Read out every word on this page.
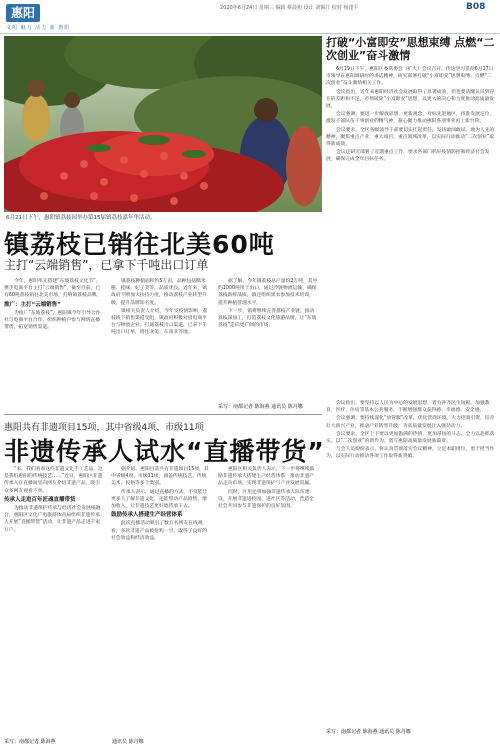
惠阳
文明 魅力 活力 新 惠阳
2020年6月24日 星期三 编辑 蔡晨旭 设计 刘锡江 校对 杨建平	B08
6月21日下午，惠阳镇荔枝园举办第15届镇荔枝嘉年华活动。
打破“小富即安”思想束缚 点燃“二次创业”奋斗激情

6月19日下午，惠阳区委常委会（扩大）会议召开，传达学习贯彻6月17日市领导在惠阳调研时的讲话精神，研究部署打破“小富即安”思想束缚、点燃“二次创业”奋斗激情相关工作。

会议指出，近年来惠阳经济社会发展取得了显著成效，但也要清醒认识到存在的差距和不足，必须破除“小富即安”思想，以更大的决心和力度推动高质量发展。

会议强调，要进一步解放思想、更新观念，对标先进地区，找准发展定位，激发干部队伍干事创业的精气神，凝心聚力推动惠阳各项事业再上新台阶。

会议要求，全区各级领导干部要切实扛起责任，发扬敢闯敢试、敢为人先的精神，聚焦重点产业、重大项目、重点领域改革，以实际行动推动“二次创业”取得新成效。

会议还研究部署了近期重点工作，要求各部门抓好疫情防控和经济社会发展，确保完成全年目标任务。

会议指出，要坚持以人民为中心的发展思想，着力补齐民生短板，加强教育、医疗、住房等基本公共服务，不断增强群众获得感、幸福感、安全感。

会议强调，要持续深化“放管服”改革，优化营商环境，大力招商引资，培育壮大新兴产业，推动产业转型升级，为高质量发展注入强劲动力。

会议要求，全区上下要以更加饱满的热情、更加昂扬的斗志，全力以赴抓落实，以“二次创业”的新作为，谱写惠阳高质量发展新篇章。

与会人员纷纷表示，将认真贯彻落实会议精神，立足本职岗位，勇于担当作为，以实际行动推动各项工作取得新突破。

采写：南都记者 陈海燕 通讯员 陈丹娜
镇荔枝已销往北美60吨
主打“云端销售”，已拿下千吨出口订单

今年，惠阳率先搭建“东坡荔枝文化节”，携手电商平台主打“云端销售”，截至目前，已有60吨荔枝销往北美市场，打响镇荔枝品牌。

推广：主打“云端销售”

为推广“东坡荔枝”，惠阳镇今年引导合作社与电商平台合作，组织种植户参与网络直播带货，拓宽销售渠道。

镇荔枝种植面积约5万亩，品种包括糯米糍、桂味、妃子笑等，品质优良。近年来，镇政府不断加大扶持力度，推动荔枝产业转型升级，提升品牌知名度。

镇相关负责人介绍，今年受疫情影响，荔枝线下销售渠道受阻，镇政府积极对接电商平台与物流企业，打通荔枝出口渠道，已拿下千吨出口订单，销往北美、东南亚等地。

据了解，今年镇荔枝总产量约2万吨，其中约1000吨用于出口，通过冷链物流运输，确保荔枝新鲜品质。镇还组织果农参加技术培训，提升种植管理水平。

下一步，镇将继续完善荔枝产业链，推动荔枝深加工，打造荔枝文化旅游品牌，让“东坡荔枝”走向更广阔的市场。

采写：南都记者 陈海燕 通讯员 陈丹娜
惠阳共有非遗项目15项，其中省级4项、市级11项
非遗传承人试水“直播带货”

“来，我们看看这些非遗文化手工艺品，这是我们惠阳的传统技艺……”近日，惠阳区非遗传承人在直播间里向网友介绍非遗产品，吸引众多网友观看下单。

传承人走进百年匠魂直播带货

为推动非遗保护传承与经济社会发展相融合，惠阳区文化广电旅游体育局组织非遗传承人开展“直播带货”活动，让非遗产品走进千家万户。

据介绍，惠阳目前共有非遗项目15项，其中省级4项、市级11项，涵盖传统技艺、传统美术、民俗等多个类别。

传承人表示，通过直播的方式，不仅能让更多人了解非遗文化，还能带动产品销售，增加收入，让非遗技艺更好地传承下去。

鼓励传承人搭建生产经营体系

此次直播活动吸引了数万名网友在线观看，多款非遗产品被抢购一空，取得了良好的社会效益和经济效益。

惠阳区相关负责人表示，下一步将继续鼓励非遗传承人搭建生产经营体系，推动非遗产品走向市场，实现非遗保护与产业发展双赢。

同时，区里还将加强非遗传承人队伍建设，开展非遗进校园、进社区等活动，营造全社会共同参与非遗保护的良好氛围。

采写：南都记者 陈海燕	通讯员 陈丹娜
